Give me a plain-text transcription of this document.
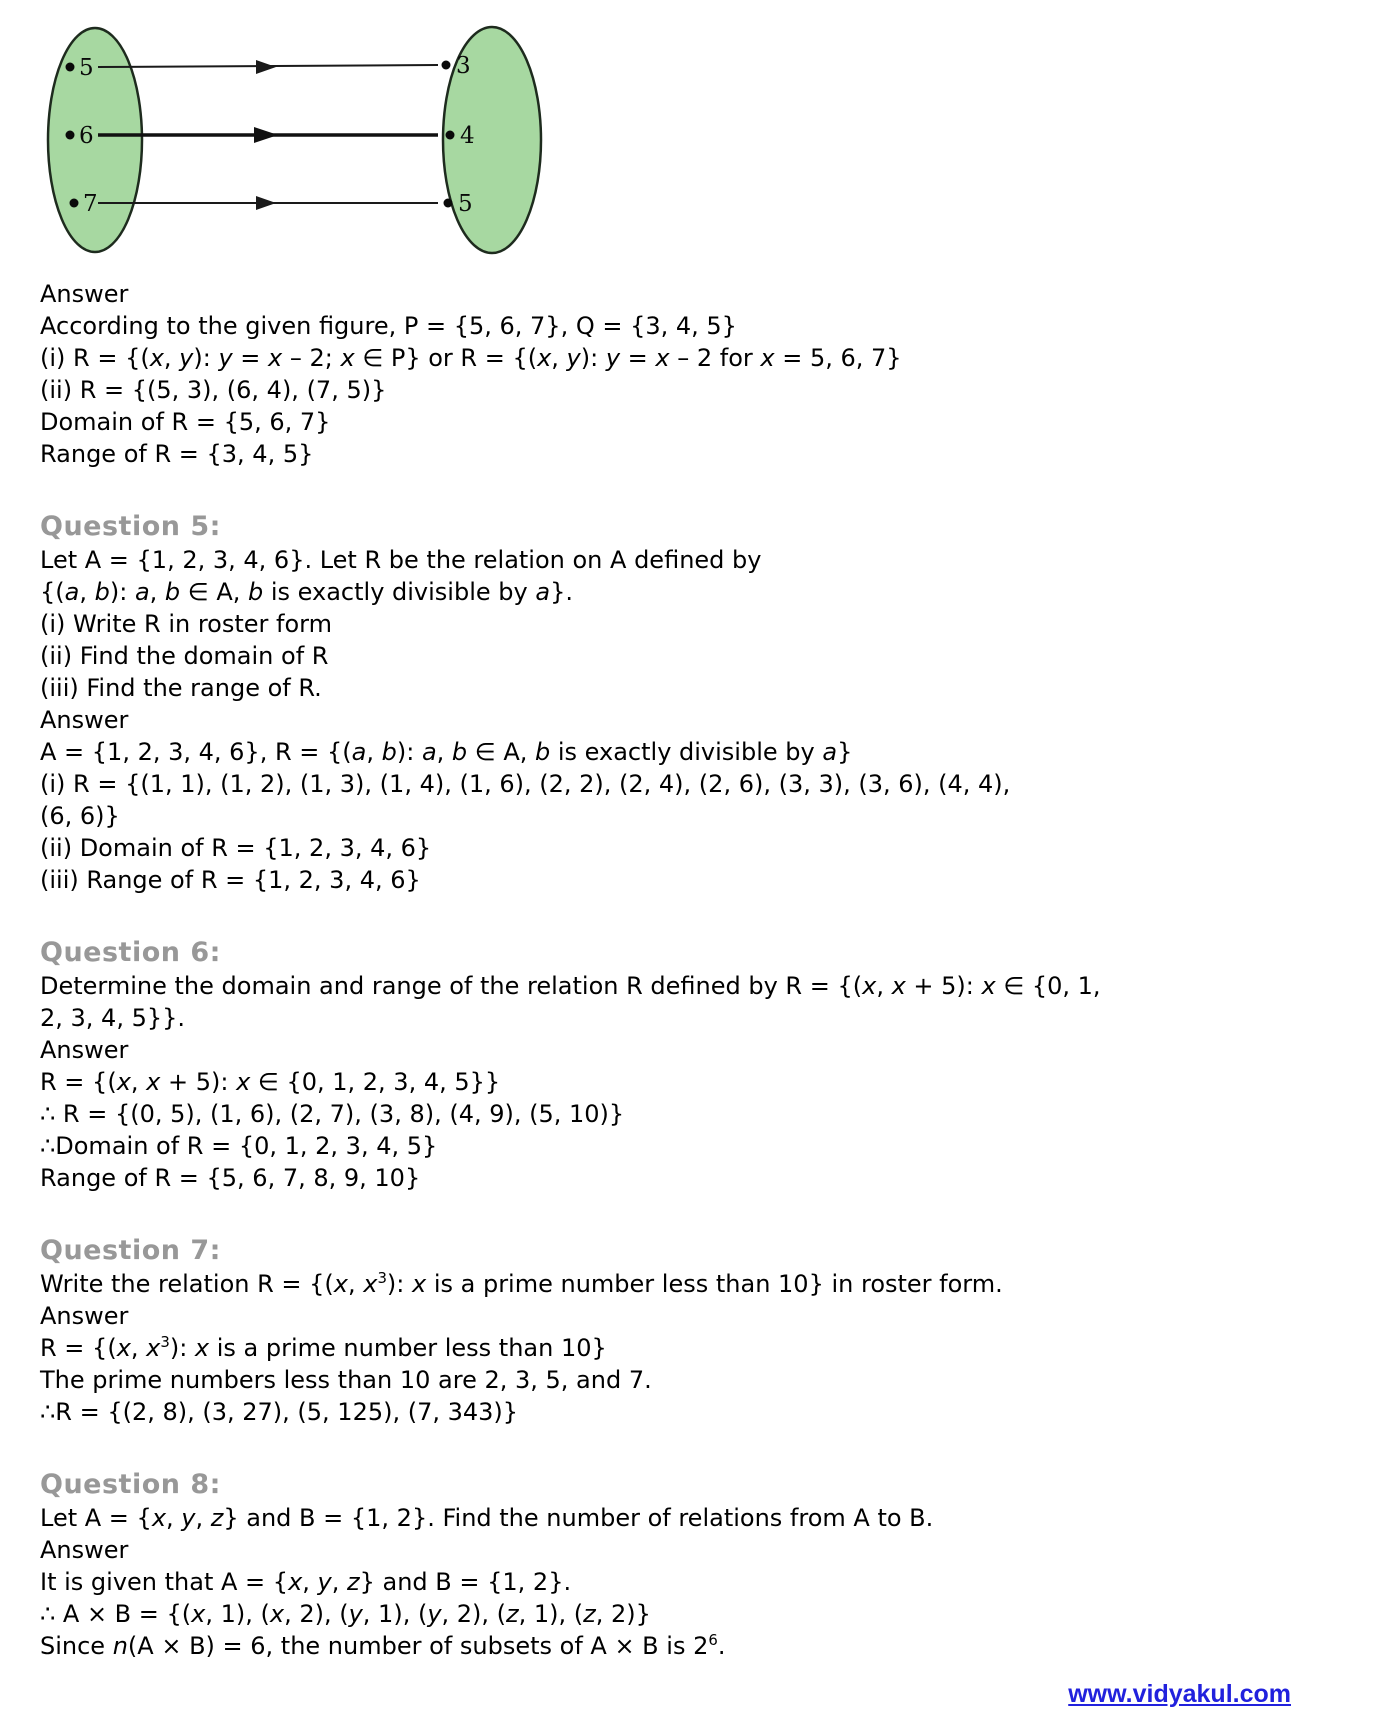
5
6
7
3
4
5
Answer
According to the given figure, P = {5, 6, 7}, Q = {3, 4, 5}
(i) R = {(x, y): y = x – 2; x ∈ P} or R = {(x, y): y = x – 2 for x = 5, 6, 7}
(ii) R = {(5, 3), (6, 4), (7, 5)}
Domain of R = {5, 6, 7}
Range of R = {3, 4, 5}
Question 5:
Let A = {1, 2, 3, 4, 6}. Let R be the relation on A defined by
{(a, b): a, b ∈ A, b is exactly divisible by a}.
(i) Write R in roster form
(ii) Find the domain of R
(iii) Find the range of R.
Answer
A = {1, 2, 3, 4, 6}, R = {(a, b): a, b ∈ A, b is exactly divisible by a}
(i) R = {(1, 1), (1, 2), (1, 3), (1, 4), (1, 6), (2, 2), (2, 4), (2, 6), (3, 3), (3, 6), (4, 4),
(6, 6)}
(ii) Domain of R = {1, 2, 3, 4, 6}
(iii) Range of R = {1, 2, 3, 4, 6}
Question 6:
Determine the domain and range of the relation R defined by R = {(x, x + 5): x ∈ {0, 1,
2, 3, 4, 5}}.
Answer
R = {(x, x + 5): x ∈ {0, 1, 2, 3, 4, 5}}
∴ R = {(0, 5), (1, 6), (2, 7), (3, 8), (4, 9), (5, 10)}
∴Domain of R = {0, 1, 2, 3, 4, 5}
Range of R = {5, 6, 7, 8, 9, 10}
Question 7:
Write the relation R = {(x, $x^3$): x is a prime number less than 10} in roster form.
Answer
R = {(x, $x^3$): x is a prime number less than 10}
The prime numbers less than 10 are 2, 3, 5, and 7.
∴R = {(2, 8), (3, 27), (5, 125), (7, 343)}
Question 8:
Let A = {x, y, z} and B = {1, 2}. Find the number of relations from A to B.
Answer
It is given that A = {x, y, z} and B = {1, 2}.
∴ A × B = {(x, 1), (x, 2), (y, 1), (y, 2), (z, 1), (z, 2)}
Since n(A × B) = 6, the number of subsets of A × B is $2^6$.
www.vidyakul.com
